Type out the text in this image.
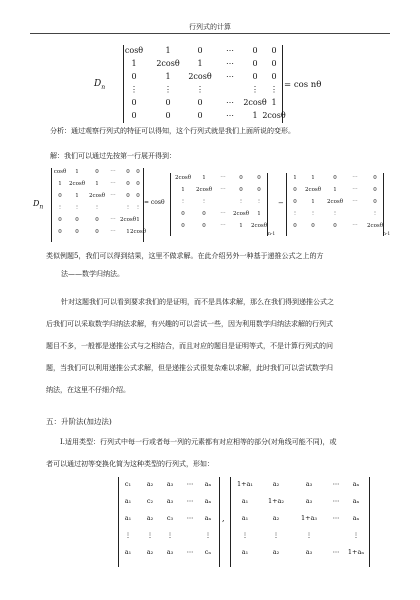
行列式的计算
$D_n$
cosθ	1	0	⋯ 0 0
1 2cosθ 1	⋯ 0 0
0	1 2cosθ ⋯ 0 0
⋮	⋮	⋮	⋮ ⋮
0	0	0	⋯ 2cosθ 1
0	0	0	⋯ 1 2cosθ
= cos nθ
分析：通过观察行列式的特征可以得知，这个行列式就是我们上面所说的变形。
解：我们可以通过先按第一行展开得到：
$D_n$
cosθ 1	0 ⋯ 0 0
1 2cosθ 1 ⋯ 0 0
0 1 2cosθ ⋯ 0 0
⋮ ⋮	⋮	⋮ ⋮
0 0	0 ⋯ 2cosθ 1
0 0	0 ⋯ 1 2cosθ
= cosθ
2cosθ 1	⋯ 0	0
1 2cosθ ⋯ 0	0
⋮	⋮	⋮ ⋮
0	0	⋯ 2cosθ 1
0	0	⋯ 1 2cosθ
n-1
−
1	1	0	⋯	0
0 2cosθ 1	⋯	0
0	1 2cosθ ⋯	0
⋮ ⋮	⋮	⋮
0	0	0	⋯ 2cosθ
n-1
类似例题5，我们可以得到结果，这里不做求解。在此介绍另外一种基于递推公式之上的方
法——数学归纳法。
针对这题我们可以看到要求我们的是证明，而不是具体求解，那么在我们得到递推公式之
后我们可以采取数学归纳法求解，有兴趣的可以尝试一些，因为利用数学归纳法求解的行列式
题目不多，一般都是递推公式与之相结合，而且对应的题目是证明等式，不是计算行列式的问
题，当我们可以利用递推公式求解，但是递推公式很复杂难以求解，此时我们可以尝试数学归
纳法，在这里不仔细介绍。
五：升阶法(加边法)
Ⅰ.适用类型：行列式中每一行或者每一列的元素都有对应相等的部分(对角线可能不同)，或
者可以通过初等变换化简为这种类型的行列式，形如：
c₁ a₂ a₃ ⋯ aₙ
a₁ c₂ a₃ ⋯ aₙ
a₁ a₂ c₃ ⋯ aₙ
⋮ ⋮ ⋮	⋮
a₁ a₂ a₃ ⋯ cₙ
,
1+a₁	a₂	a₃	⋯ aₙ
a₁	1+a₂	a₃	⋯ aₙ
a₁	a₂	1+a₃ ⋯ aₙ
⋮	⋮	⋮	⋮
a₁	a₂	a₃	⋯ 1+aₙ
